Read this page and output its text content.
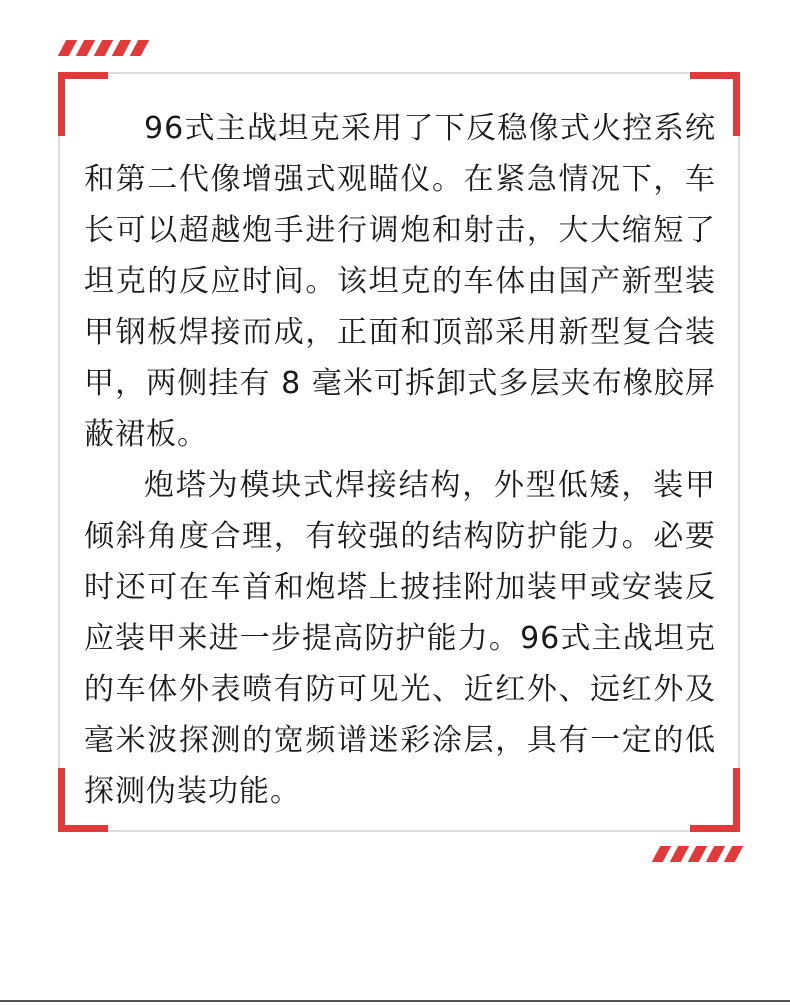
96式主战坦克采用了下反稳像式火控系统和第二代像增强式观瞄仪。在紧急情况下，车长可以超越炮手进行调炮和射击，大大缩短了坦克的反应时间。该坦克的车体由国产新型装甲钢板焊接而成，正面和顶部采用新型复合装甲，两侧挂有 8 毫米可拆卸式多层夹布橡胶屏蔽裙板。

炮塔为模块式焊接结构，外型低矮，装甲倾斜角度合理，有较强的结构防护能力。必要时还可在车首和炮塔上披挂附加装甲或安装反应装甲来进一步提高防护能力。96式主战坦克的车体外表喷有防可见光、近红外、远红外及毫米波探测的宽频谱迷彩涂层，具有一定的低探测伪装功能。
